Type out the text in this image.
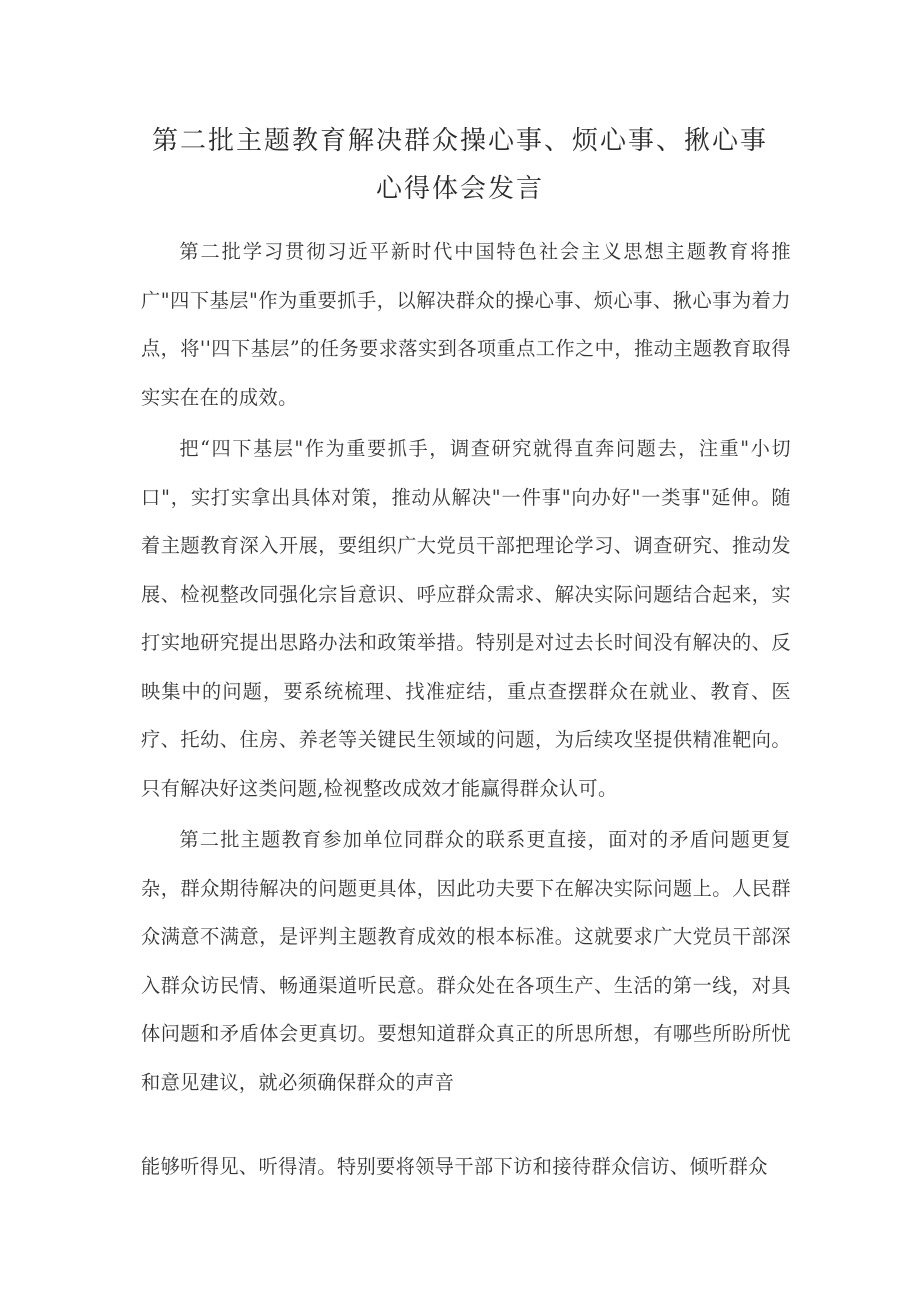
第二批主题教育解决群众操心事、烦心事、揪心事
心得体会发言

第二批学习贯彻习近平新时代中国特色社会主义思想主题教育将推广"四下基层"作为重要抓手，以解决群众的操心事、烦心事、揪心事为着力点，将''四下基层”的任务要求落实到各项重点工作之中，推动主题教育取得实实在在的成效。

把“四下基层"作为重要抓手，调查研究就得直奔问题去，注重"小切口"，实打实拿出具体对策，推动从解决"一件事"向办好"一类事"延伸。随着主题教育深入开展，要组织广大党员干部把理论学习、调查研究、推动发展、检视整改同强化宗旨意识、呼应群众需求、解决实际问题结合起来，实打实地研究提出思路办法和政策举措。特别是对过去长时间没有解决的、反映集中的问题，要系统梳理、找准症结，重点查摆群众在就业、教育、医疗、托幼、住房、养老等关键民生领域的问题，为后续攻坚提供精准靶向。只有解决好这类问题,检视整改成效才能赢得群众认可。

第二批主题教育参加单位同群众的联系更直接，面对的矛盾问题更复杂，群众期待解决的问题更具体，因此功夫要下在解决实际问题上。人民群众满意不满意，是评判主题教育成效的根本标准。这就要求广大党员干部深入群众访民情、畅通渠道听民意。群众处在各项生产、生活的第一线，对具体问题和矛盾体会更真切。要想知道群众真正的所思所想，有哪些所盼所忧和意见建议，就必须确保群众的声音

能够听得见、听得清。特别要将领导干部下访和接待群众信访、倾听群众
